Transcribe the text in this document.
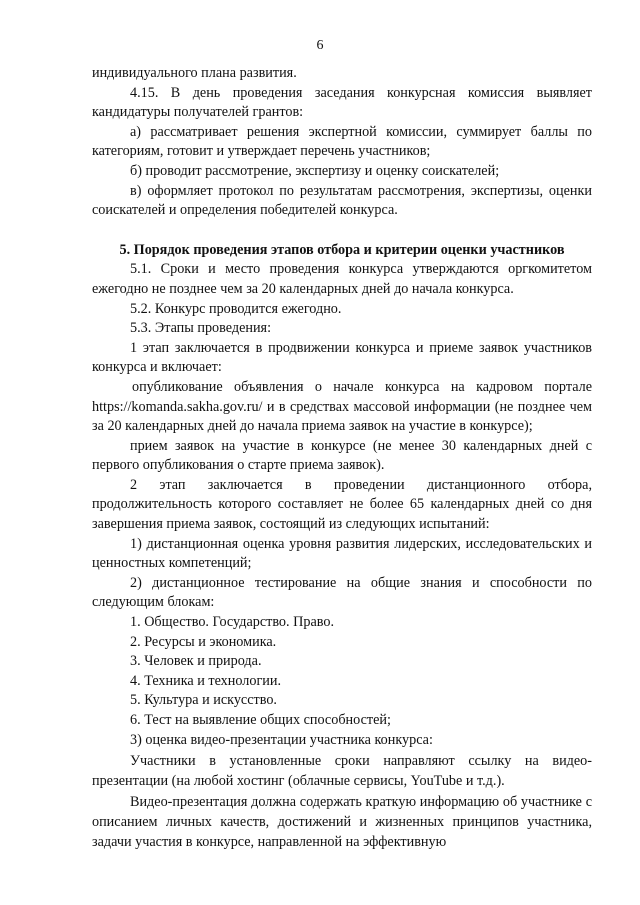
6

индивидуального плана развития.

4.15. В день проведения заседания конкурсная комиссия выявляет кандидатуры получателей грантов:

а) рассматривает решения экспертной комиссии, суммирует баллы по категориям, готовит и утверждает перечень участников;

б) проводит рассмотрение, экспертизу и оценку соискателей;

в) оформляет протокол по результатам рассмотрения, экспертизы, оценки соискателей и определения победителей конкурса.

5. Порядок проведения этапов отбора и критерии оценки участников

5.1. Сроки и место проведения конкурса утверждаются оргкомитетом ежегодно не позднее чем за 20 календарных дней до начала конкурса.

5.2. Конкурс проводится ежегодно.

5.3. Этапы проведения:

1 этап заключается в продвижении конкурса и приеме заявок участников конкурса и включает:

опубликование объявления о начале конкурса на кадровом портале https://komanda.sakha.gov.ru/ и в средствах массовой информации (не позднее чем за 20 календарных дней до начала приема заявок на участие в конкурсе);

прием заявок на участие в конкурсе (не менее 30 календарных дней с первого опубликования о старте приема заявок).

2 этап заключается в проведении дистанционного отбора, продолжительность которого составляет не более 65 календарных дней со дня завершения приема заявок, состоящий из следующих испытаний:

1) дистанционная оценка уровня развития лидерских, исследовательских и ценностных компетенций;

2) дистанционное тестирование на общие знания и способности по следующим блокам:

1. Общество. Государство. Право.

2. Ресурсы и экономика.

3. Человек и природа.

4. Техника и технологии.

5. Культура и искусство.

6. Тест на выявление общих способностей;

3) оценка видео-презентации участника конкурса:

Участники в установленные сроки направляют ссылку на видео-презентации (на любой хостинг (облачные сервисы, YouTube и т.д.).

Видео-презентация должна содержать краткую информацию об участнике с описанием личных качеств, достижений и жизненных принципов участника, задачи участия в конкурсе, направленной на эффективную
